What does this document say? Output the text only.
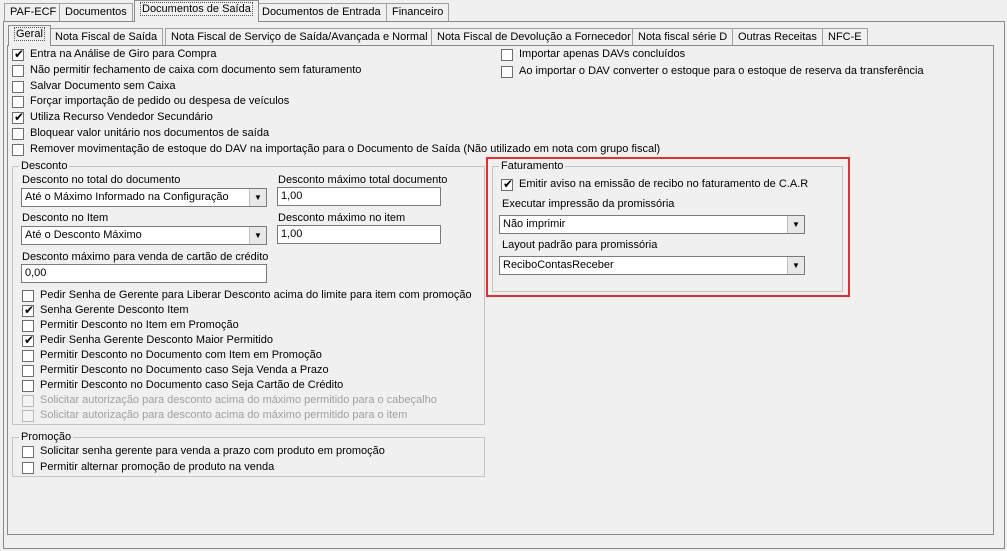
PAF-ECF Documentos	Documentos de Saída	Documentos de Entrada	Financeiro
Geral	Nota Fiscal de Saída	Nota Fiscal de Serviço de Saída/Avançada e Normal Nota Fiscal de Devolução a Fornecedor Nota fiscal série D Outras Receitas	NFC-E
✔ Entra na Análise de Giro para Compra
Não permitir fechamento de caixa com documento sem faturamento
Salvar Documento sem Caixa
Forçar importação de pedido ou despesa de veículos
✔ Utiliza Recurso Vendedor Secundário
Bloquear valor unitário nos documentos de saída
Remover movimentação de estoque do DAV na importação para o Documento de Saída (Não utilizado em nota com grupo fiscal)
Importar apenas DAVs concluídos
Ao importar o DAV converter o estoque para o estoque de reserva da transferência
Desconto
Desconto no total do documento
Até o Máximo Informado na Configuração	▼
Desconto máximo total documento
1,00
Desconto no Item
Até o Desconto Máximo	▼
Desconto máximo no item
1,00
Desconto máximo para venda de cartão de crédito
0,00
Pedir Senha de Gerente para Liberar Desconto acima do limite para item com promoção
✔ Senha Gerente Desconto Item
Permitir Desconto no Item em Promoção
✔ Pedir Senha Gerente Desconto Maior Permitido
Permitir Desconto no Documento com Item em Promoção
Permitir Desconto no Documento caso Seja Venda a Prazo
Permitir Desconto no Documento caso Seja Cartão de Crédito
Solicitar autorização para desconto acima do máximo permitido para o cabeçalho
Solicitar autorização para desconto acima do máximo permitido para o item
Promoção
Solicitar senha gerente para venda a prazo com produto em promoção
Permitir alternar promoção de produto na venda
Faturamento
✔ Emitir aviso na emissão de recibo no faturamento de C.A.R
Executar impressão da promissória
Não imprimir	▼
Layout padrão para promissória
ReciboContasReceber	▼
